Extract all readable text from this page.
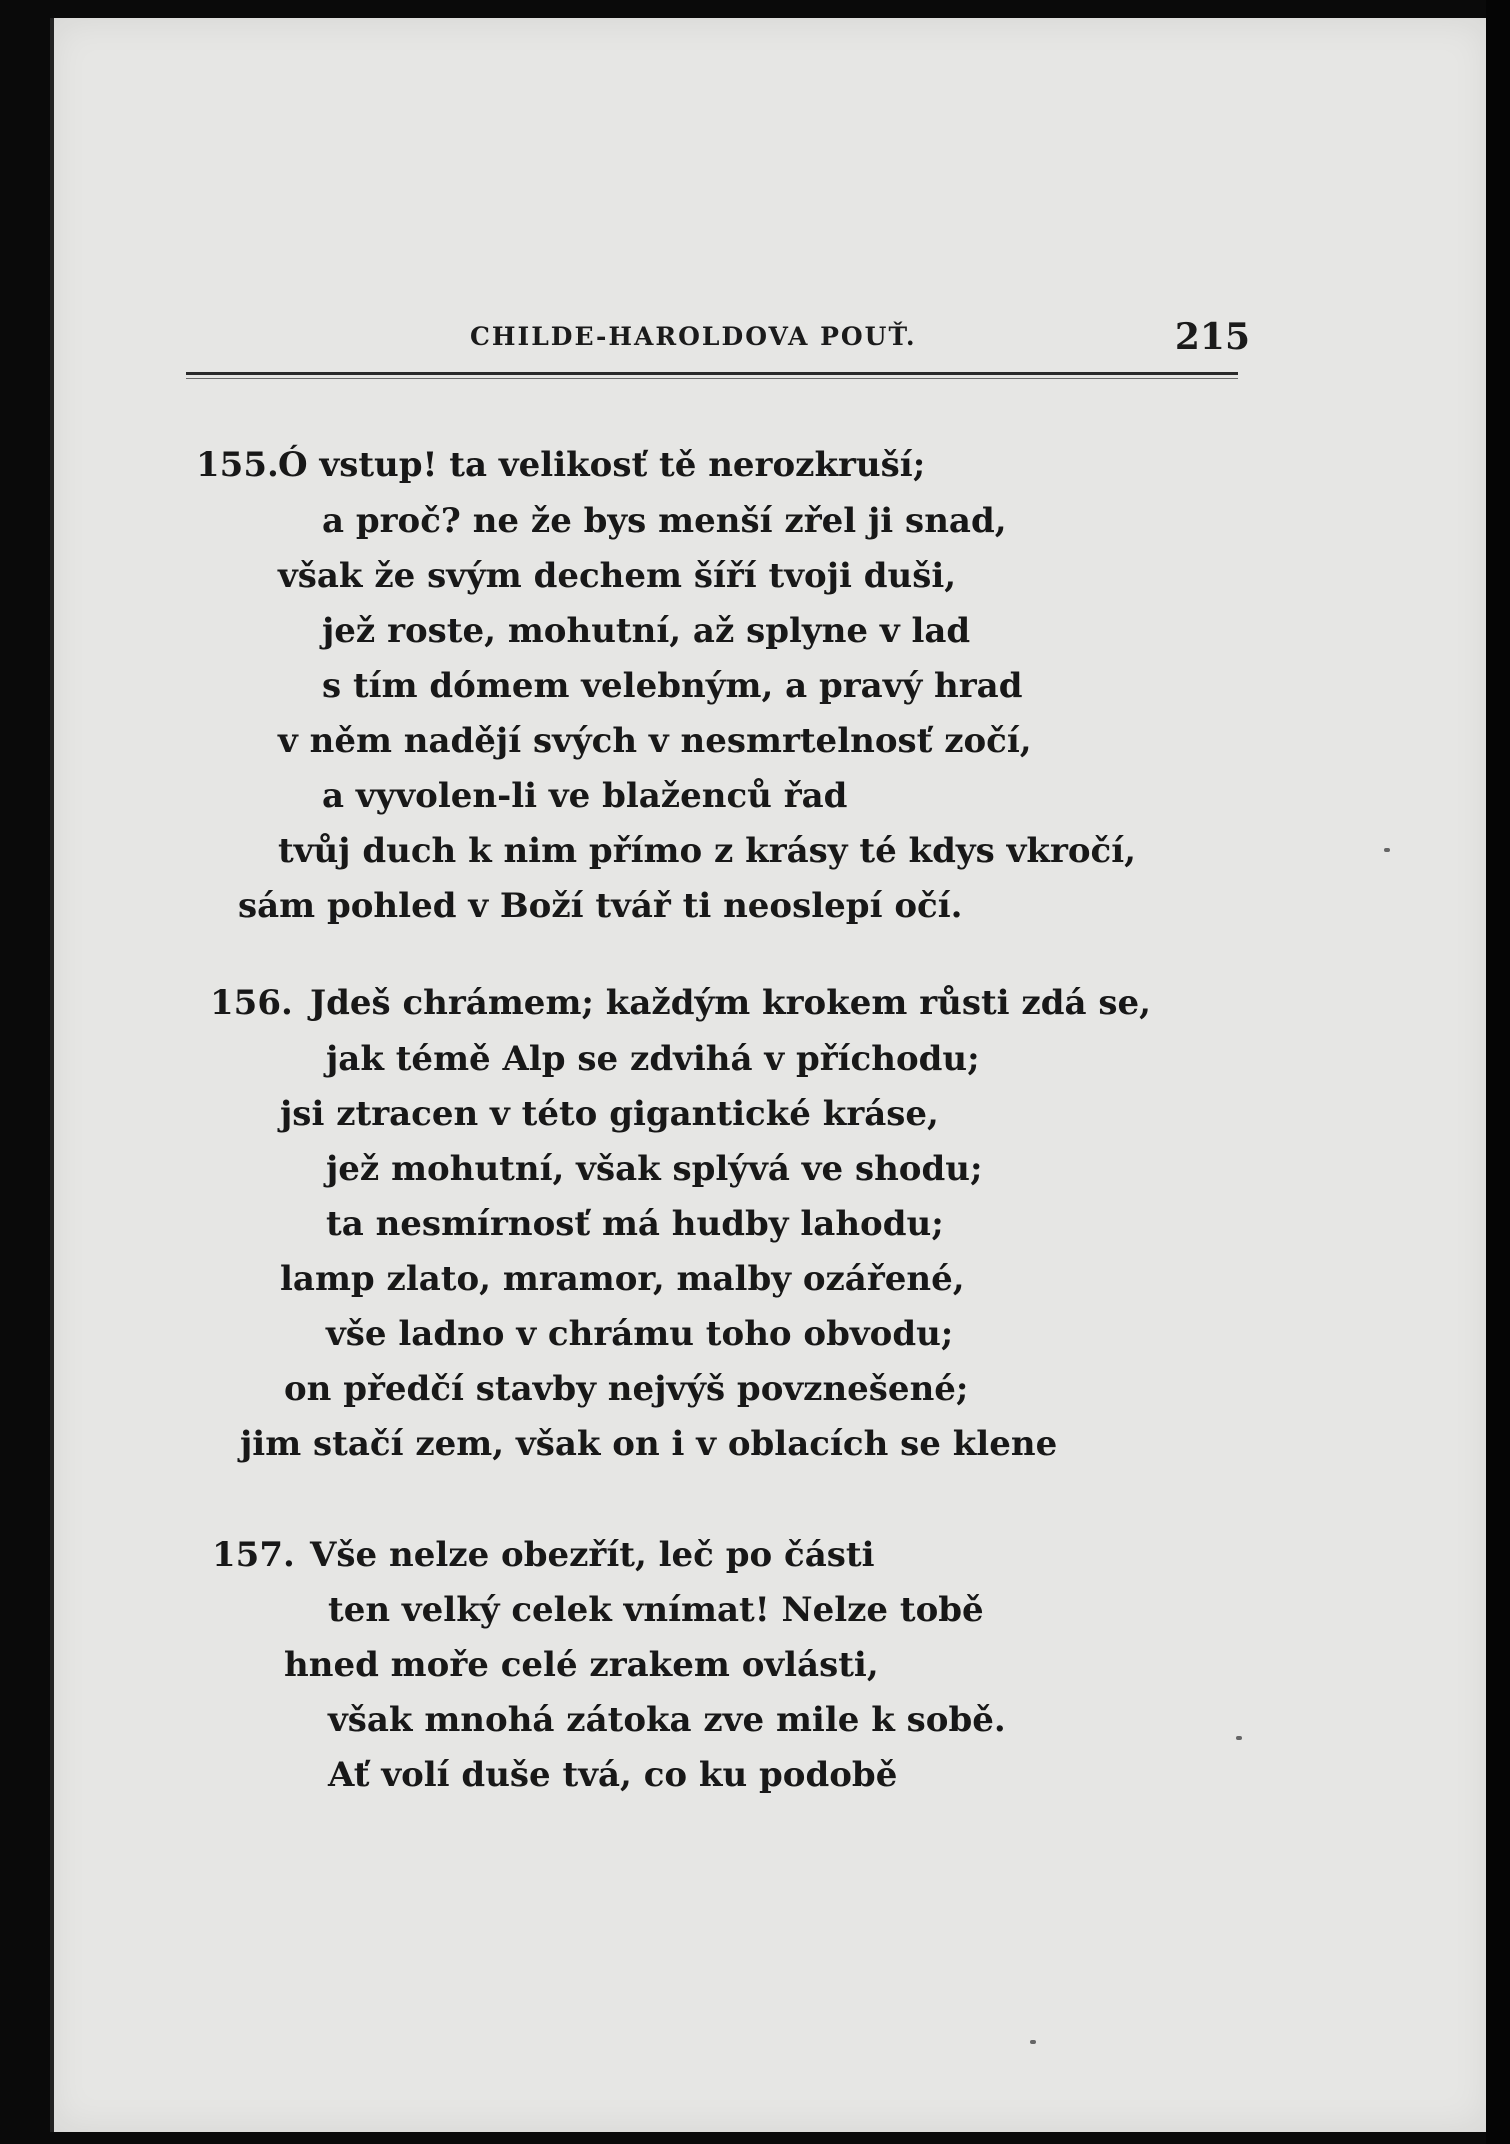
CHILDE-HAROLDOVA POUŤ.	215
155. Ó vstup! ta velikosť tě nerozkruší;
a proč? ne že bys menší zřel ji snad,
však že svým dechem šíří tvoji duši,
jež roste, mohutní, až splyne v lad
s tím dómem velebným, a pravý hrad
v něm nadějí svých v nesmrtelnosť zočí,
a vyvolen-li ve blaženců řad
tvůj duch k nim přímo z krásy té kdys vkročí,
sám pohled v Boží tvář ti neoslepí očí.
156. Jdeš chrámem; každým krokem růsti zdá se,
jak témě Alp se zdvihá v příchodu;
jsi ztracen v této gigantické kráse,
jež mohutní, však splývá ve shodu;
ta nesmírnosť má hudby lahodu;
lamp zlato, mramor, malby ozářené,
vše ladno v chrámu toho obvodu;
on předčí stavby nejvýš povznešené;
jim stačí zem, však on i v oblacích se klene
157. Vše nelze obezřít, leč po části
ten velký celek vnímat! Nelze tobě
hned moře celé zrakem ovlásti,
však mnohá zátoka zve mile k sobě.
Ať volí duše tvá, co ku podobě
